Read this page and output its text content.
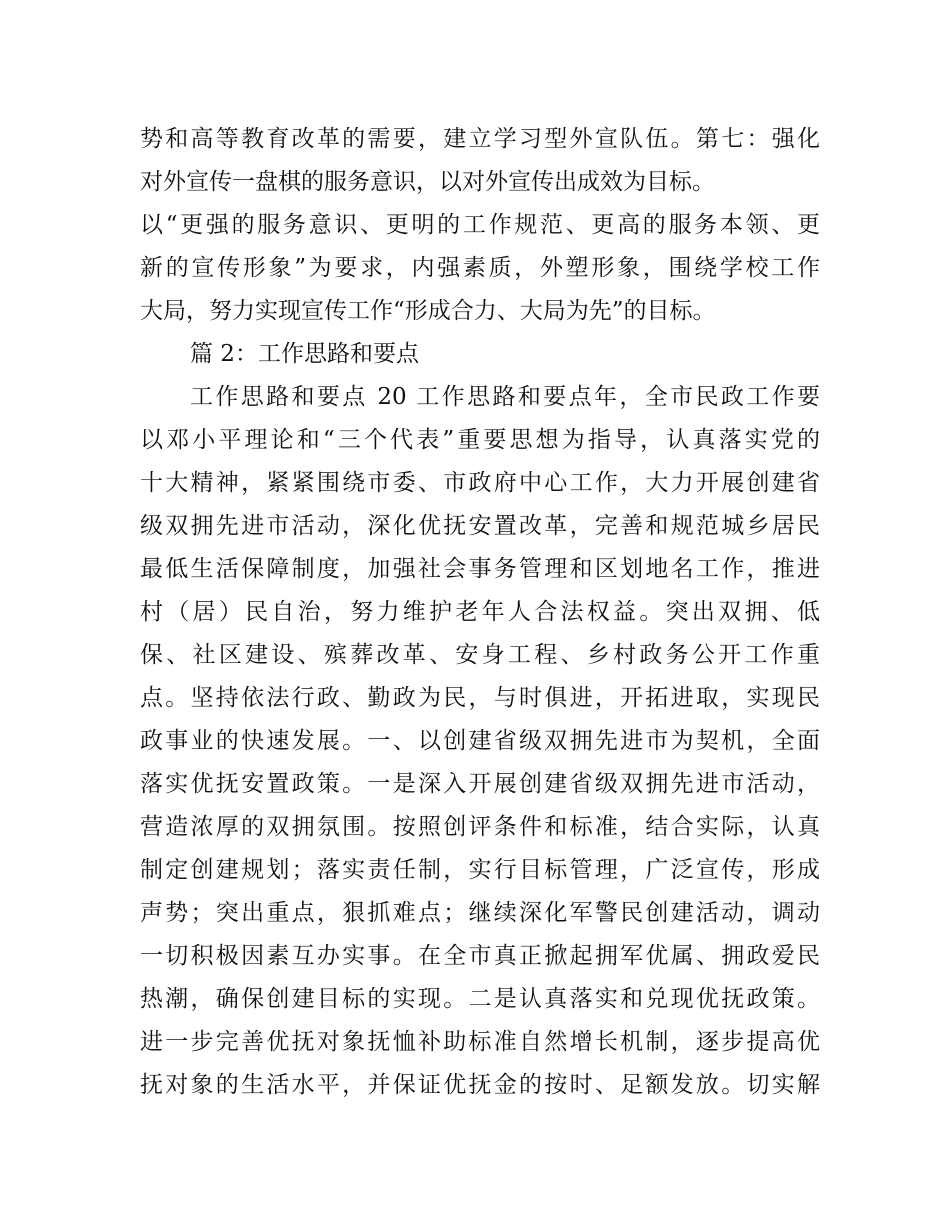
势和高等教育改革的需要，建立学习型外宣队伍。第七：强化
对外宣传一盘棋的服务意识，以对外宣传出成效为目标。
以“更强的服务意识、更明的工作规范、更高的服务本领、更
新的宣传形象”为要求，内强素质，外塑形象，围绕学校工作
大局，努力实现宣传工作“形成合力、大局为先”的目标。
篇 2：工作思路和要点
工作思路和要点 20 工作思路和要点年，全市民政工作要
以邓小平理论和“三个代表”重要思想为指导，认真落实党的
十大精神，紧紧围绕市委、市政府中心工作，大力开展创建省
级双拥先进市活动，深化优抚安置改革，完善和规范城乡居民
最低生活保障制度，加强社会事务管理和区划地名工作，推进
村（居）民自治，努力维护老年人合法权益。突出双拥、低
保、社区建设、殡葬改革、安身工程、乡村政务公开工作重
点。坚持依法行政、勤政为民，与时俱进，开拓进取，实现民
政事业的快速发展。一、以创建省级双拥先进市为契机，全面
落实优抚安置政策。一是深入开展创建省级双拥先进市活动，
营造浓厚的双拥氛围。按照创评条件和标准，结合实际，认真
制定创建规划；落实责任制，实行目标管理，广泛宣传，形成
声势；突出重点，狠抓难点；继续深化军警民创建活动，调动
一切积极因素互办实事。在全市真正掀起拥军优属、拥政爱民
热潮，确保创建目标的实现。二是认真落实和兑现优抚政策。
进一步完善优抚对象抚恤补助标准自然增长机制，逐步提高优
抚对象的生活水平，并保证优抚金的按时、足额发放。切实解
